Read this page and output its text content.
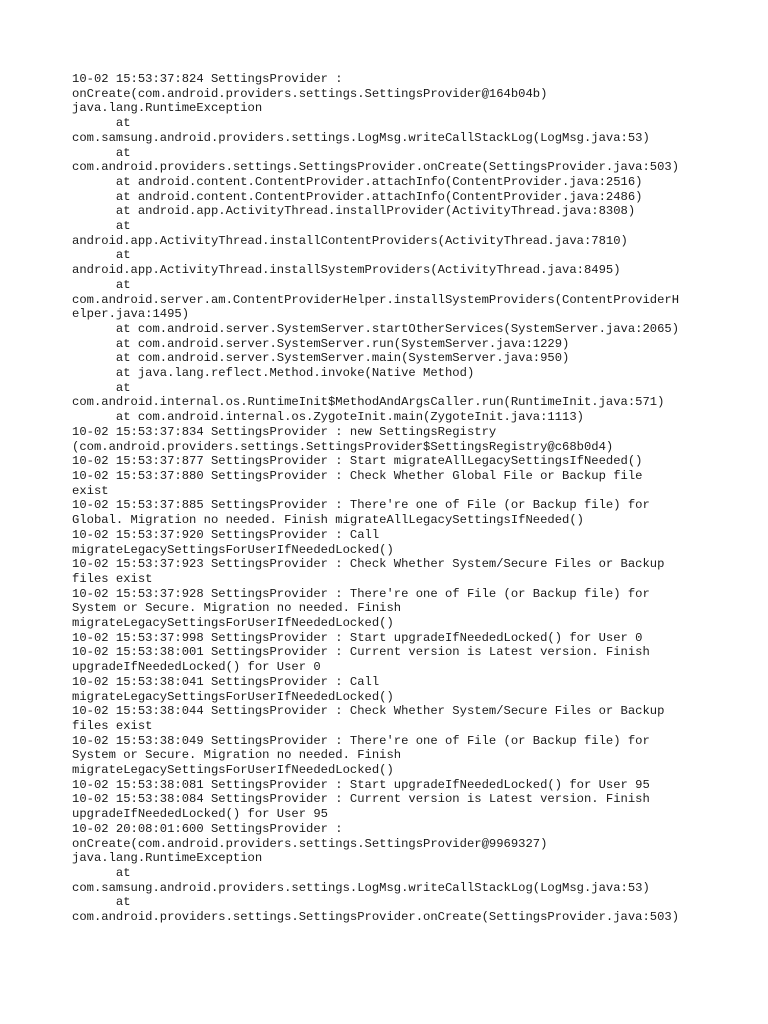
10-02 15:53:37:824 SettingsProvider :
onCreate(com.android.providers.settings.SettingsProvider@164b04b)
java.lang.RuntimeException
at
com.samsung.android.providers.settings.LogMsg.writeCallStackLog(LogMsg.java:53)
at
com.android.providers.settings.SettingsProvider.onCreate(SettingsProvider.java:503)
at android.content.ContentProvider.attachInfo(ContentProvider.java:2516)
at android.content.ContentProvider.attachInfo(ContentProvider.java:2486)
at android.app.ActivityThread.installProvider(ActivityThread.java:8308)
at
android.app.ActivityThread.installContentProviders(ActivityThread.java:7810)
at
android.app.ActivityThread.installSystemProviders(ActivityThread.java:8495)
at
com.android.server.am.ContentProviderHelper.installSystemProviders(ContentProviderH
elper.java:1495)
at com.android.server.SystemServer.startOtherServices(SystemServer.java:2065)
at com.android.server.SystemServer.run(SystemServer.java:1229)
at com.android.server.SystemServer.main(SystemServer.java:950)
at java.lang.reflect.Method.invoke(Native Method)
at
com.android.internal.os.RuntimeInit$MethodAndArgsCaller.run(RuntimeInit.java:571)
at com.android.internal.os.ZygoteInit.main(ZygoteInit.java:1113)
10-02 15:53:37:834 SettingsProvider : new SettingsRegistry
(com.android.providers.settings.SettingsProvider$SettingsRegistry@c68b0d4)
10-02 15:53:37:877 SettingsProvider : Start migrateAllLegacySettingsIfNeeded()
10-02 15:53:37:880 SettingsProvider : Check Whether Global File or Backup file
exist
10-02 15:53:37:885 SettingsProvider : There're one of File (or Backup file) for
Global. Migration no needed. Finish migrateAllLegacySettingsIfNeeded()
10-02 15:53:37:920 SettingsProvider : Call
migrateLegacySettingsForUserIfNeededLocked()
10-02 15:53:37:923 SettingsProvider : Check Whether System/Secure Files or Backup
files exist
10-02 15:53:37:928 SettingsProvider : There're one of File (or Backup file) for
System or Secure. Migration no needed. Finish
migrateLegacySettingsForUserIfNeededLocked()
10-02 15:53:37:998 SettingsProvider : Start upgradeIfNeededLocked() for User 0
10-02 15:53:38:001 SettingsProvider : Current version is Latest version. Finish
upgradeIfNeededLocked() for User 0
10-02 15:53:38:041 SettingsProvider : Call
migrateLegacySettingsForUserIfNeededLocked()
10-02 15:53:38:044 SettingsProvider : Check Whether System/Secure Files or Backup
files exist
10-02 15:53:38:049 SettingsProvider : There're one of File (or Backup file) for
System or Secure. Migration no needed. Finish
migrateLegacySettingsForUserIfNeededLocked()
10-02 15:53:38:081 SettingsProvider : Start upgradeIfNeededLocked() for User 95
10-02 15:53:38:084 SettingsProvider : Current version is Latest version. Finish
upgradeIfNeededLocked() for User 95
10-02 20:08:01:600 SettingsProvider :
onCreate(com.android.providers.settings.SettingsProvider@9969327)
java.lang.RuntimeException
at
com.samsung.android.providers.settings.LogMsg.writeCallStackLog(LogMsg.java:53)
at
com.android.providers.settings.SettingsProvider.onCreate(SettingsProvider.java:503)
